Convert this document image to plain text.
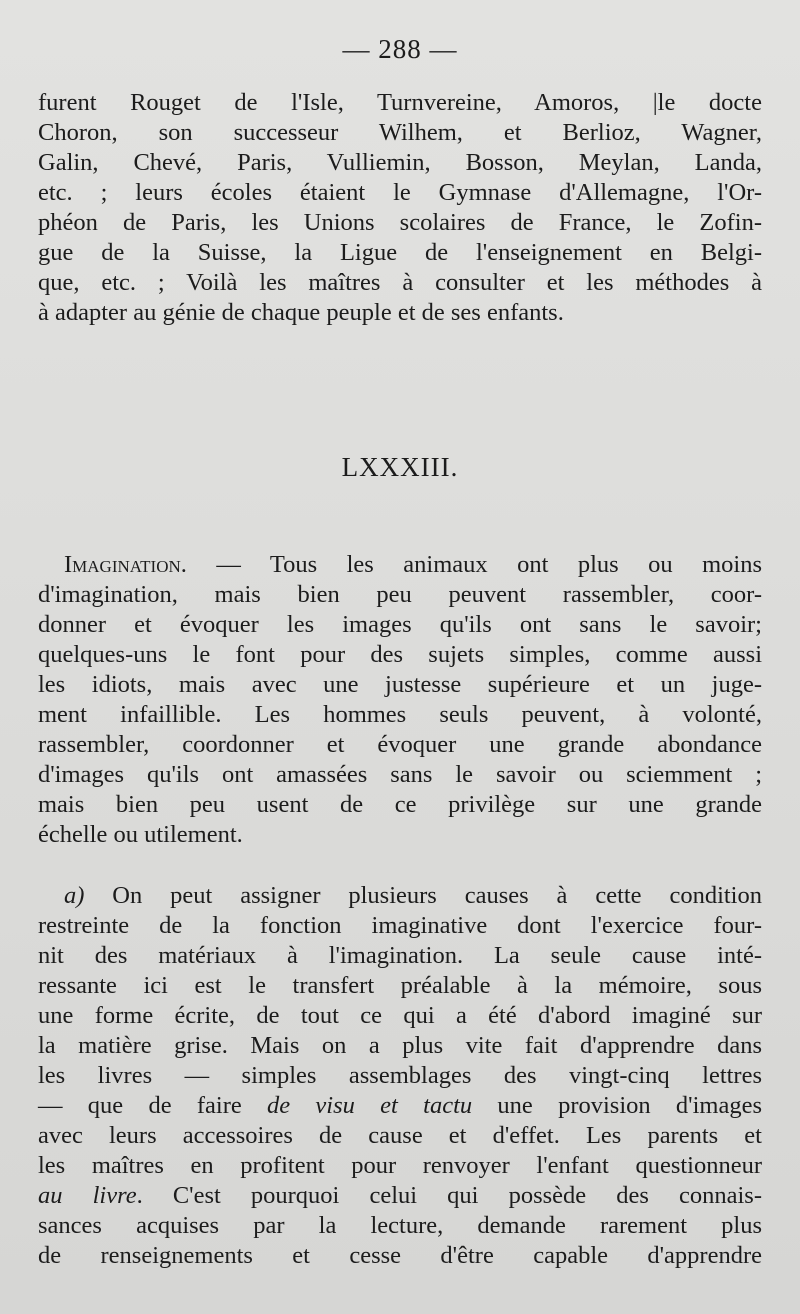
— 288 —
furent Rouget de l'Isle, Turnvereine, Amoros, |le docte
Choron, son successeur Wilhem, et Berlioz, Wagner,
Galin, Chevé, Paris, Vulliemin, Bosson, Meylan, Landa,
etc. ; leurs écoles étaient le Gymnase d'Allemagne, l'Or-
phéon de Paris, les Unions scolaires de France, le Zofin-
gue de la Suisse, la Ligue de l'enseignement en Belgi-
que, etc. ; Voilà les maîtres à consulter et les méthodes à
à adapter au génie de chaque peuple et de ses enfants.
LXXXIII.
Imagination. — Tous les animaux ont plus ou moins
d'imagination, mais bien peu peuvent rassembler, coor-
donner et évoquer les images qu'ils ont sans le savoir;
quelques-uns le font pour des sujets simples, comme aussi
les idiots, mais avec une justesse supérieure et un juge-
ment infaillible. Les hommes seuls peuvent, à volonté,
rassembler, coordonner et évoquer une grande abondance
d'images qu'ils ont amassées sans le savoir ou sciemment ;
mais bien peu usent de ce privilège sur une grande
échelle ou utilement.
a) On peut assigner plusieurs causes à cette condition
restreinte de la fonction imaginative dont l'exercice four-
nit des matériaux à l'imagination. La seule cause inté-
ressante ici est le transfert préalable à la mémoire, sous
une forme écrite, de tout ce qui a été d'abord imaginé sur
la matière grise. Mais on a plus vite fait d'apprendre dans
les livres — simples assemblages des vingt-cinq lettres
— que de faire de visu et tactu une provision d'images
avec leurs accessoires de cause et d'effet. Les parents et
les maîtres en profitent pour renvoyer l'enfant questionneur
au livre. C'est pourquoi celui qui possède des connais-
sances acquises par la lecture, demande rarement plus
de renseignements et cesse d'être capable d'apprendre
